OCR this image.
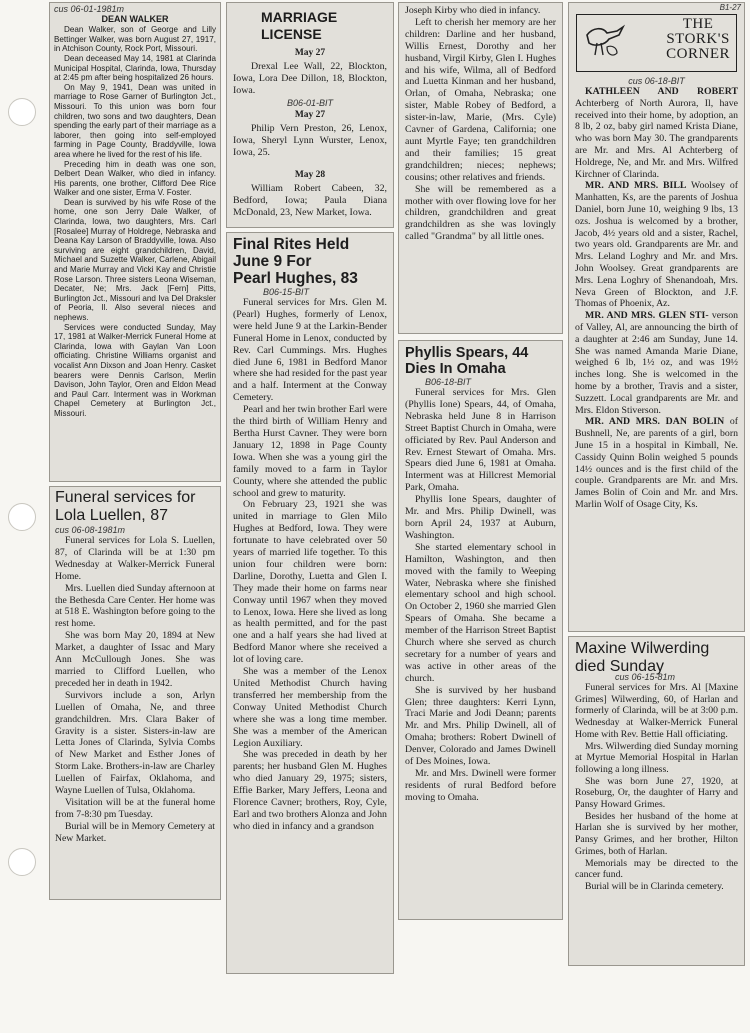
cus 06-01-1981m
DEAN WALKER

Dean Walker, son of George and Lilly Bettinger Walker, was born August 27, 1917, in Atchison County, Rock Port, Missouri.

Dean deceased May 14, 1981 at Clarinda Municipal Hospital, Clarinda, Iowa, Thursday at 2:45 pm after being hospitalized 26 hours.

On May 9, 1941, Dean was united in marriage to Rose Garner of Burlington Jct., Missouri. To this union was born four children, two sons and two daughters, Dean spending the early part of their marriage as a laborer, then going into self-employed farming in Page County, Braddyville, Iowa area where he lived for the rest of his life.

Preceding him in death was one son, Delbert Dean Walker, who died in infancy. His parents, one brother, Clifford Dee Rice Walker and one sister, Erma V. Foster.

Dean is survived by his wife Rose of the home, one son Jerry Dale Walker, of Clarinda, Iowa, two daughters, Mrs. Carl [Rosalee] Murray of Holdrege, Nebraska and Deana Kay Larson of Braddyville, Iowa. Also surviving are eight grandchildren, David, Michael and Suzette Walker, Carlene, Abigail and Marie Murray and Vicki Kay and Christie Rose Larson. Three sisters Leona Wiseman, Decater, Ne; Mrs. Jack [Fern] Pitts, Burlington Jct., Missouri and Iva Del Draksler of Peoria, Il. Also several nieces and nephews.

Services were conducted Sunday, May 17, 1981 at Walker-Merrick Funeral Home at Clarinda, Iowa with Gaylan Van Loon officiating. Christine Williams organist and vocalist Ann Dixson and Joan Henry. Casket bearers were Dennis Carlson, Merlin Davison, John Taylor, Oren and Eldon Mead and Paul Carr. Interment was in Workman Chapel Cemetery at Burlington Jct., Missouri.

Funeral services for
Lola Luellen, 87
cus 06-08-1981m

Funeral services for Lola S. Luellen, 87, of Clarinda will be at 1:30 pm Wednesday at Walker-Merrick Funeral Home.

Mrs. Luellen died Sunday afternoon at the Bethesda Care Center. Her home was at 518 E. Washington before going to the rest home.

She was born May 20, 1894 at New Market, a daughter of Issac and Mary Ann McCullough Jones. She was married to Clifford Luellen, who preceded her in death in 1942.

Survivors include a son, Arlyn Luellen of Omaha, Ne, and three grandchildren. Mrs. Clara Baker of Gravity is a sister. Sisters-in-law are Letta Jones of Clarinda, Sylvia Combs of New Market and Esther Jones of Storm Lake. Brothers-in-law are Charley Luellen of Fairfax, Oklahoma, and Wayne Luellen of Tulsa, Oklahoma.

Visitation will be at the funeral home from 7-8:30 pm Tuesday.

Burial will be in Memory Cemetery at New Market.

MARRIAGE LICENSE
May 27

Drexal Lee Wall, 22, Blockton, Iowa, Lora Dee Dillon, 18, Blockton, Iowa.

B06-01-BIT
May 27

Philip Vern Preston, 26, Lenox, Iowa, Sheryl Lynn Wurster, Lenox, Iowa, 25.

May 28

William Robert Cabeen, 32, Bedford, Iowa; Paula Diana McDonald, 23, New Market, Iowa.

Final Rites Held
June 9 For
Pearl Hughes, 83
B06-15-BIT

Funeral services for Mrs. Glen M. (Pearl) Hughes, formerly of Lenox, were held June 9 at the Larkin-Bender Funeral Home in Lenox, conducted by Rev. Carl Cummings. Mrs. Hughes died June 6, 1981 in Bedford Manor where she had resided for the past year and a half. Interment at the Conway Cemetery.

Pearl and her twin brother Earl were the third birth of William Henry and Bertha Hurst Cavner. They were born January 12, 1898 in Page County Iowa. When she was a young girl the family moved to a farm in Taylor County, where she attended the public school and grew to maturity.

On February 23, 1921 she was united in marriage to Glen Milo Hughes at Bedford, Iowa. They were fortunate to have celebrated over 50 years of married life together. To this union four children were born: Darline, Dorothy, Luetta and Glen I. They made their home on farms near Conway until 1967 when they moved to Lenox, Iowa. Here she lived as long as health permitted, and for the past one and a half years she had lived at Bedford Manor where she received a lot of loving care.

She was a member of the Lenox United Methodist Church having transferred her membership from the Conway United Methodist Church where she was a long time member. She was a member of the American Legion Auxiliary.

She was preceded in death by her parents; her husband Glen M. Hughes who died January 29, 1975; sisters, Effie Barker, Mary Jeffers, Leona and Florence Cavner; brothers, Roy, Cyle, Earl and two brothers Alonza and John who died in infancy and a grandson

Joseph Kirby who died in infancy.

Left to cherish her memory are her children: Darline and her husband, Willis Ernest, Dorothy and her husband, Virgil Kirby, Glen I. Hughes and his wife, Wilma, all of Bedford and Luetta Kinman and her husband, Orlan, of Omaha, Nebraska; one sister, Mable Robey of Bedford, a sister-in-law, Marie, (Mrs. Cyle) Cavner of Gardena, California; one aunt Myrtle Faye; ten grandchildren and their families; 15 great grandchildren; nieces; nephews; cousins; other relatives and friends.

She will be remembered as a mother with over flowing love for her children, grandchildren and great grandchildren as she was lovingly called "Grandma" by all little ones.

Phyllis Spears, 44
Dies In Omaha
B06-18-BIT

Funeral services for Mrs. Glen (Phyllis Ione) Spears, 44, of Omaha, Nebraska held June 8 in Harrison Street Baptist Church in Omaha, were officiated by Rev. Paul Anderson and Rev. Ernest Stewart of Omaha. Mrs. Spears died June 6, 1981 at Omaha. Interment was at Hillcrest Memorial Park, Omaha.

Phyllis Ione Spears, daughter of Mr. and Mrs. Philip Dwinell, was born April 24, 1937 at Auburn, Washington.

She started elementary school in Hamilton, Washington, and then moved with the family to Weeping Water, Nebraska where she finished elementary school and high school. On October 2, 1960 she married Glen Spears of Omaha. She became a member of the Harrison Street Baptist Church where she served as church secretary for a number of years and was active in other areas of the church.

She is survived by her husband Glen; three daughters: Kerri Lynn, Traci Marie and Jodi Deann; parents Mr. and Mrs. Philip Dwinell, all of Omaha; brothers: Robert Dwinell of Denver, Colorado and James Dwinell of Des Moines, Iowa.

Mr. and Mrs. Dwinell were former residents of rural Bedford before moving to Omaha.

B1-27
THE
STORK'S
CORNER
cus 06-18-BIT

KATHLEEN AND ROBERT Achterberg of North Aurora, Il, have received into their home, by adoption, an 8 lb, 2 oz, baby girl named Krista Diane, who was born May 30. The grandparents are Mr. and Mrs. Al Achterberg of Holdrege, Ne, and Mr. and Mrs. Wilfred Kirchner of Clarinda.

MR. AND MRS. BILL Woolsey of Manhatten, Ks, are the parents of Joshua Daniel, born June 10, weighing 9 lbs, 13 ozs. Joshua is welcomed by a brother, Jacob, 4½ years old and a sister, Rachel, two years old. Grandparents are Mr. and Mrs. Leland Loghry and Mr. and Mrs. John Woolsey. Great grandparents are Mrs. Lena Loghry of Shenandoah, Mrs. Neva Green of Blockton, and J.F. Thomas of Phoenix, Az.

MR. AND MRS. GLEN STI- verson of Valley, Al, are announcing the birth of a daughter at 2:46 am Sunday, June 14. She was named Amanda Marie Diane, weighed 6 lb, 1½ oz, and was 19½ inches long. She is welcomed in the home by a brother, Travis and a sister, Suzzett. Local grandparents are Mr. and Mrs. Eldon Stiverson.

MR. AND MRS. DAN BOLIN of Bushnell, Ne, are parents of a girl, born June 15 in a hospital in Kimball, Ne. Cassidy Quinn Bolin weighed 5 pounds 14½ ounces and is the first child of the couple. Grandparents are Mr. and Mrs. James Bolin of Coin and Mr. and Mrs. Marlin Wolf of Osage City, Ks.

Maxine Wilwerding
died Sunday
cus 06-15-81m

Funeral services for Mrs. Al [Maxine Grimes] Wilwerding, 60, of Harlan and formerly of Clarinda, will be at 3:00 p.m. Wednesday at Walker-Merrick Funeral Home with Rev. Bettie Hall officiating.

Mrs. Wilwerding died Sunday morning at Myrtue Memorial Hospital in Harlan following a long illness.

She was born June 27, 1920, at Roseburg, Or, the daughter of Harry and Pansy Howard Grimes.

Besides her husband of the home at Harlan she is survived by her mother, Pansy Grimes, and her brother, Hilton Grimes, both of Harlan.

Memorials may be directed to the cancer fund.

Burial will be in Clarinda cemetery.
